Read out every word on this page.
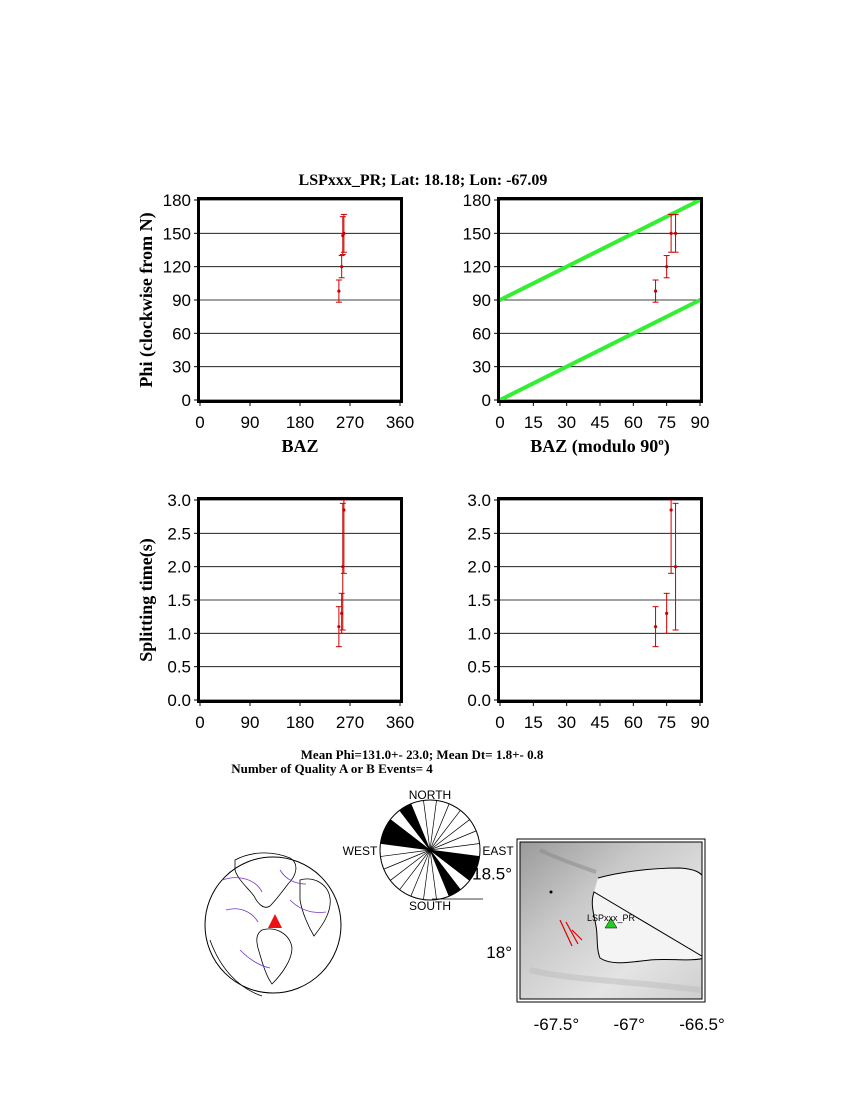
LSPxxx_PR; Lat: 18.18; Lon: -67.09
Mean Phi=131.0+- 23.0; Mean Dt= 1.8+- 0.8
Number of Quality A or B Events= 4
0
30
60
90
120
150
180
0 90 180 270 360
0
30
60
90
120
150
180
0 15 30 45 60 75 90
0.0
0.5
1.0
1.5
2.0
2.5
3.0
0 90 180 270 360
0.0
0.5
1.0
1.5
2.0
2.5
3.0
0 15 30 45 60 75 90
Phi (clockwise from N)
BAZ	BAZ (modulo 90$^o$)
Splitting time(s)
NORTH
SOUTH
WEST	EAST
LSPxxx_PR
-67.5° -67° -66.5°
18.5°
18°
